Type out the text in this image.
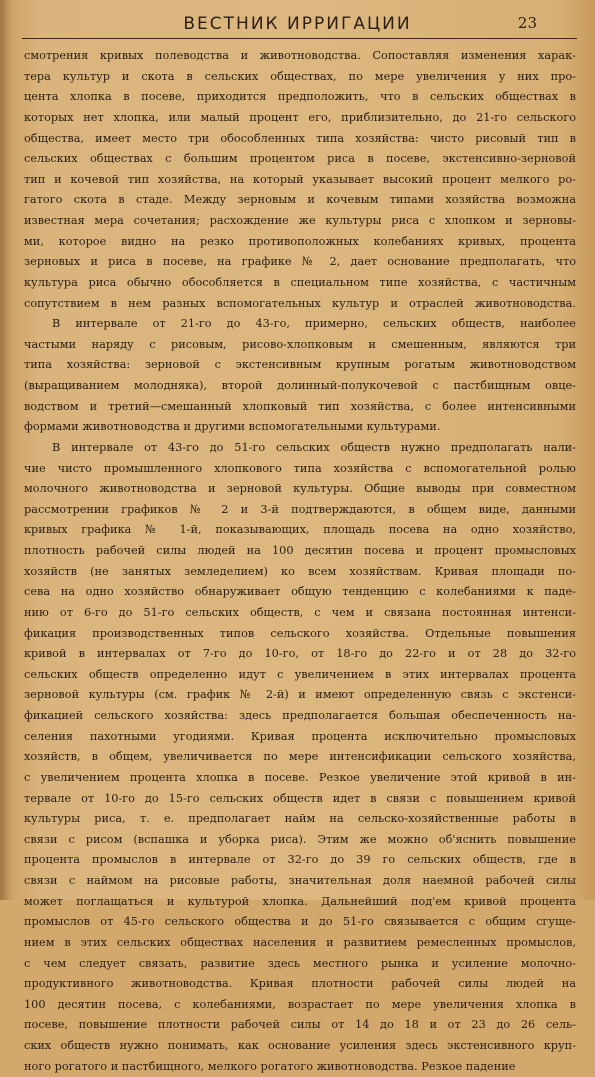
ВЕСТНИК ИРРИГАЦИИ	23
смотрения кривых полеводства и животноводства. Сопоставляя изменения харак-
тера культур и скота в сельских обществах, по мере увеличения у них про-
цента хлопка в посеве, приходится предположить, что в сельских обществах в
которых нет хлопка, или малый процент его, приблизительно, до 21-го сельского
общества, имеет место три обособленных типа хозяйства: чисто рисовый тип в
сельских обществах с большим процентом риса в посеве, экстенсивно-зерновой
тип и кочевой тип хозяйства, на который указывает высокий процент мелкого ро-
гатого скота в стаде. Между зерновым и кочевым типами хозяйства возможна
известная мера сочетания; расхождение же культуры риса с хлопком и зерновы-
ми, которое видно на резко противоположных колебаниях кривых, процента
зерновых и риса в посеве, на графике № 2, дает основание предполагать, что
культура риса обычно обособляется в специальном типе хозяйства, с частичным
сопутствием в нем разных вспомогательных культур и отраслей животноводства.
В интервале от 21-го до 43-го, примерно, сельских обществ, наиболее
частыми наряду с рисовым, рисово-хлопковым и смешенным, являются три
типа хозяйства: зерновой с экстенсивным крупным рогатым животноводством
(выращиванием молодняка), второй долинный-полукочевой с пастбищным овце-
водством и третий—смешанный хлопковый тип хозяйства, с более интенсивными
формами животноводства и другими вспомогательными культурами.
В интервале от 43-го до 51-го сельских обществ нужно предполагать нали-
чие чисто промышленного хлопкового типа хозяйства с вспомогательной ролью
молочного животноводства и зерновой культуры. Общие выводы при совместном
рассмотрении графиков № 2 и 3-й подтверждаются, в общем виде, данными
кривых графика № 1-й, показывающих, площадь посева на одно хозяйство,
плотность рабочей силы людей на 100 десятин посева и процент промысловых
хозяйств (не занятых земледелием) ко всем хозяйствам. Кривая площади по-
сева на одно хозяйство обнаруживает общую тенденцию с колебаниями к паде-
нию от 6-го до 51-го сельских обществ, с чем и связана постоянная интенси-
фикация производственных типов сельского хозяйства. Отдельные повышения
кривой в интервалах от 7-го до 10-го, от 18-го до 22-го и от 28 до 32-го
сельских обществ определенно идут с увеличением в этих интервалах процента
зерновой культуры (см. график № 2-й) и имеют определенную связь с экстенси-
фикацией сельского хозяйства: здесь предполагается большая обеспеченность на-
селения пахотными угодиями. Кривая процента исключительно промысловых
хозяйств, в общем, увеличивается по мере интенсификации сельского хозяйства,
с увеличением процента хлопка в посеве. Резкое увеличение этой кривой в ин-
тервале от 10-го до 15-го сельских обществ идет в связи с повышением кривой
культуры риса, т. е. предполагает найм на сельско-хозяйственные работы в
связи с рисом (вспашка и уборка риса). Этим же можно об'яснить повышение
процента промыслов в интервале от 32-го до 39 го сельских обществ, где в
связи с наймом на рисовые работы, значительная доля наемной рабочей силы
может поглащаться и культурой хлопка. Дальнейший под'ем кривой процента
промыслов от 45-го сельского общества и до 51-го связывается с общим сгуще-
нием в этих сельских обществах населения и развитием ремесленных промыслов,
с чем следует связать, развитие здесь местного рынка и усиление молочно-
продуктивного животноводства. Кривая плотности рабочей силы людей на
100 десятин посева, с колебаниями, возрастает по мере увеличения хлопка в
посеве, повышение плотности рабочей силы от 14 до 18 и от 23 до 26 сель-
ских обществ нужно понимать, как основание усиления здесь экстенсивного круп-
ного рогатого и пастбищного, мелкого рогатого животноводства. Резкое падение
